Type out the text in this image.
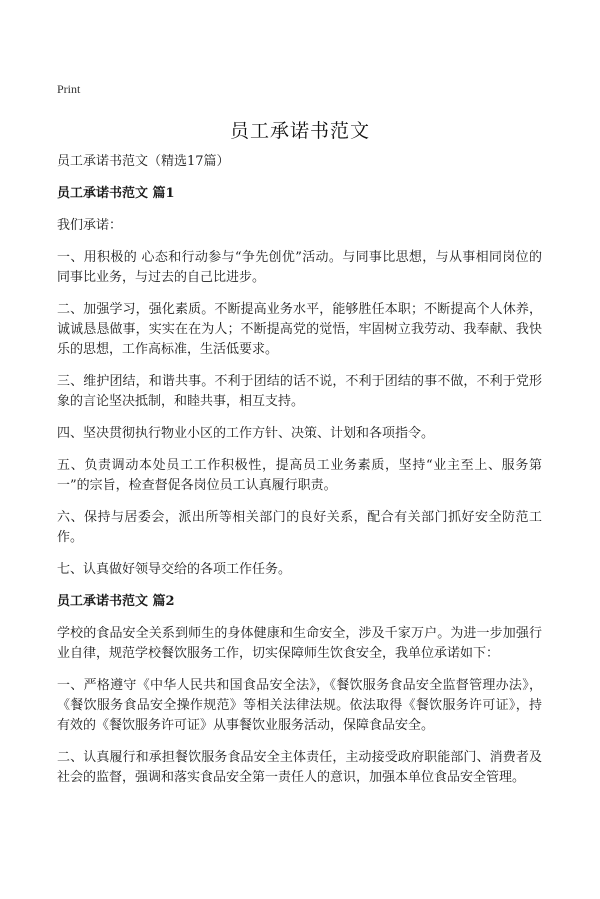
Print
员工承诺书范文

员工承诺书范文（精选17篇）

员工承诺书范文 篇1

我们承诺：

一、用积极的 心态和行动参与“争先创优”活动。与同事比思想，与从事相同岗位的同事比业务，与过去的自己比进步。

二、加强学习，强化素质。不断提高业务水平，能够胜任本职；不断提高个人休养，诚诚恳恳做事，实实在在为人；不断提高党的觉悟，牢固树立我劳动、我奉献、我快乐的思想，工作高标准，生活低要求。

三、维护团结，和谐共事。不利于团结的话不说，不利于团结的事不做，不利于党形象的言论坚决抵制，和睦共事，相互支持。

四、坚决贯彻执行物业小区的工作方针、决策、计划和各项指令。

五、负责调动本处员工工作积极性，提高员工业务素质，坚持“业主至上、服务第一”的宗旨，检查督促各岗位员工认真履行职责。

六、保持与居委会，派出所等相关部门的良好关系，配合有关部门抓好安全防范工作。

七、认真做好领导交给的各项工作任务。

员工承诺书范文 篇2

学校的食品安全关系到师生的身体健康和生命安全，涉及千家万户。为进一步加强行业自律，规范学校餐饮服务工作，切实保障师生饮食安全，我单位承诺如下：

一、严格遵守《中华人民共和国食品安全法》，《餐饮服务食品安全监督管理办法》，《餐饮服务食品安全操作规范》等相关法律法规。依法取得《餐饮服务许可证》，持有效的《餐饮服务许可证》从事餐饮业服务活动，保障食品安全。

二、认真履行和承担餐饮服务食品安全主体责任，主动接受政府职能部门、消费者及社会的监督，强调和落实食品安全第一责任人的意识，加强本单位食品安全管理。
